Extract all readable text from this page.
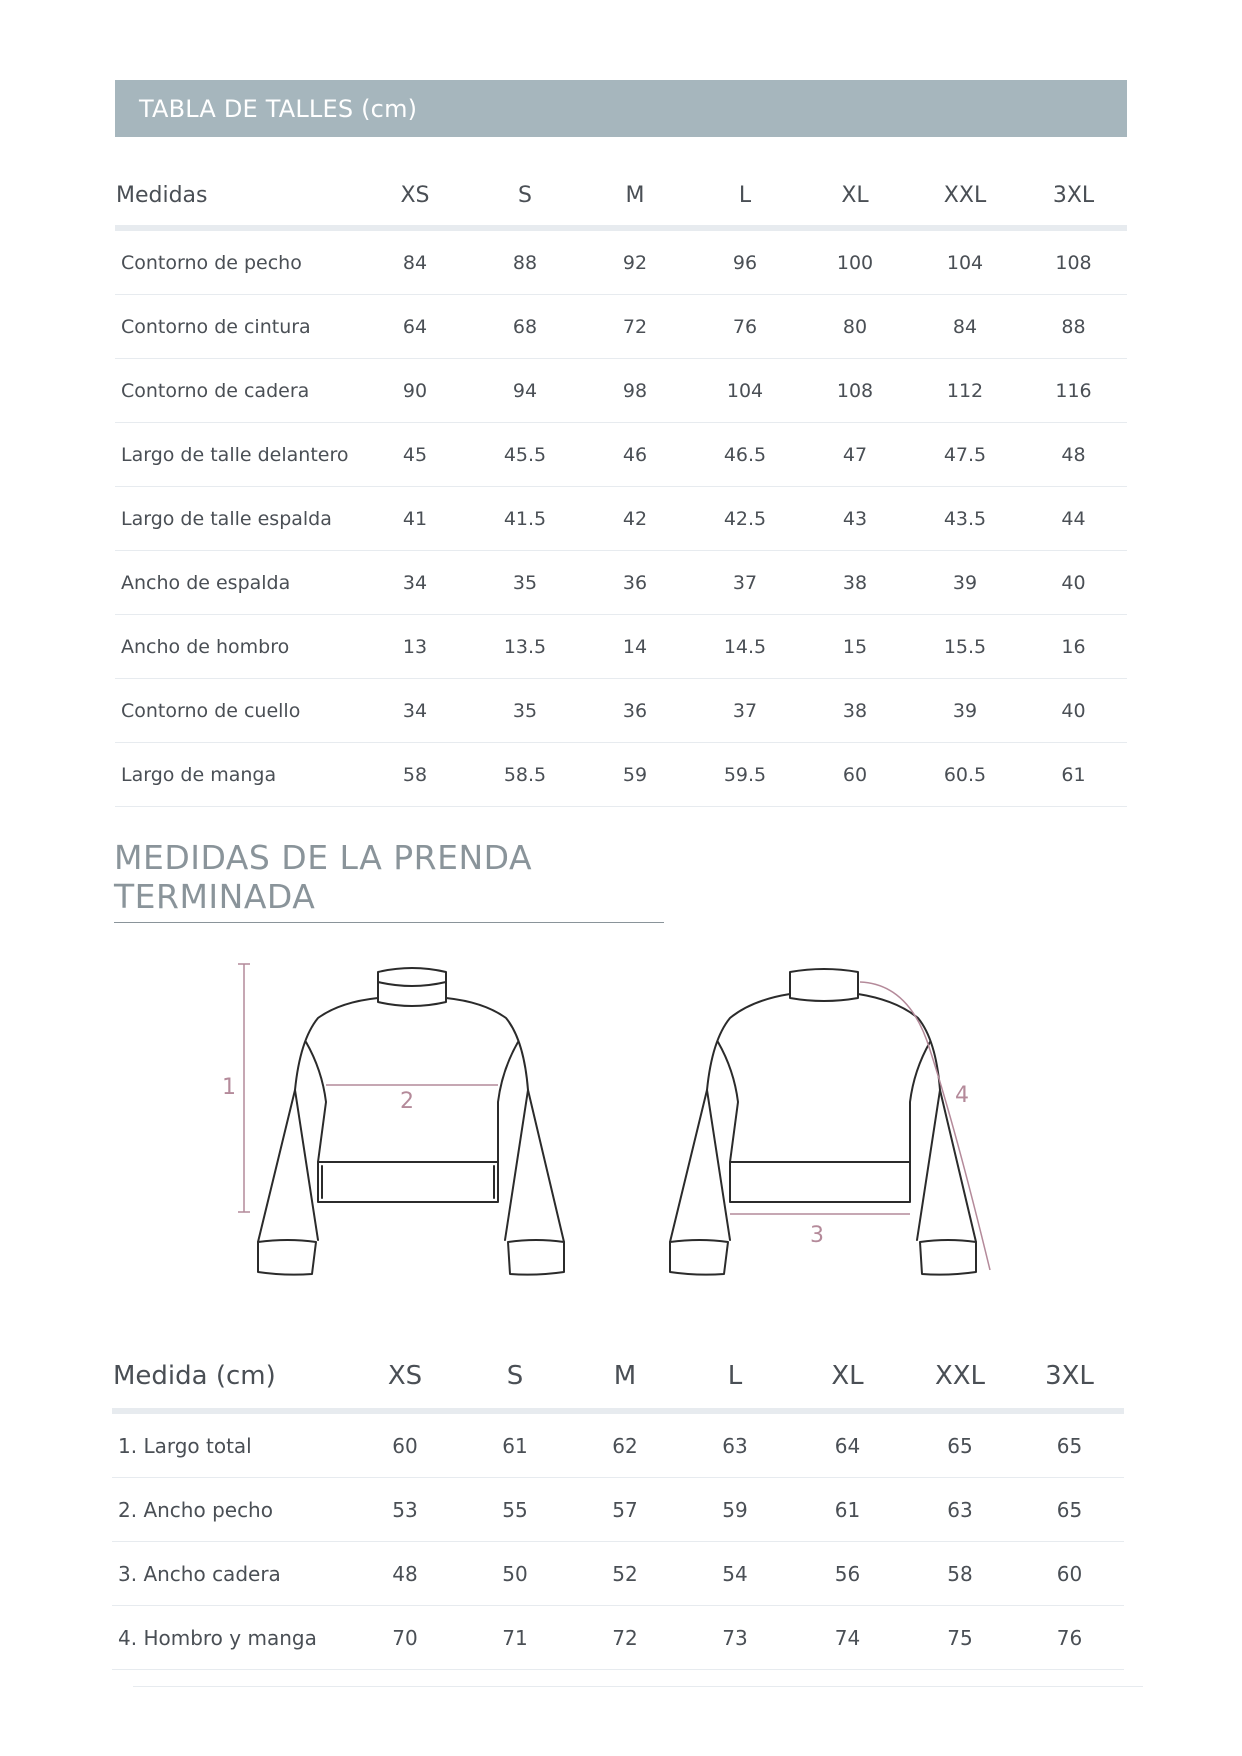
TABLA DE TALLES (cm)
Medidas	XS	S	M	L	XL	XXL	3XL
Contorno de pecho	84	88	92	96	100	104	108
Contorno de cintura	64	68	72	76	80	84	88
Contorno de cadera	90	94	98	104	108	112	116
Largo de talle delantero	45	45.5	46	46.5	47	47.5	48
Largo de talle espalda	41	41.5	42	42.5	43	43.5	44
Ancho de espalda	34	35	36	37	38	39	40
Ancho de hombro	13	13.5	14	14.5	15	15.5	16
Contorno de cuello	34	35	36	37	38	39	40
Largo de manga	58	58.5	59	59.5	60	60.5	61
MEDIDAS DE LA PRENDA TERMINADA
1
2
3
4
Medida (cm)	XS	S	M	L	XL	XXL	3XL
1. Largo total	60	61	62	63	64	65	65
2. Ancho pecho	53	55	57	59	61	63	65
3. Ancho cadera	48	50	52	54	56	58	60
4. Hombro y manga	70	71	72	73	74	75	76
